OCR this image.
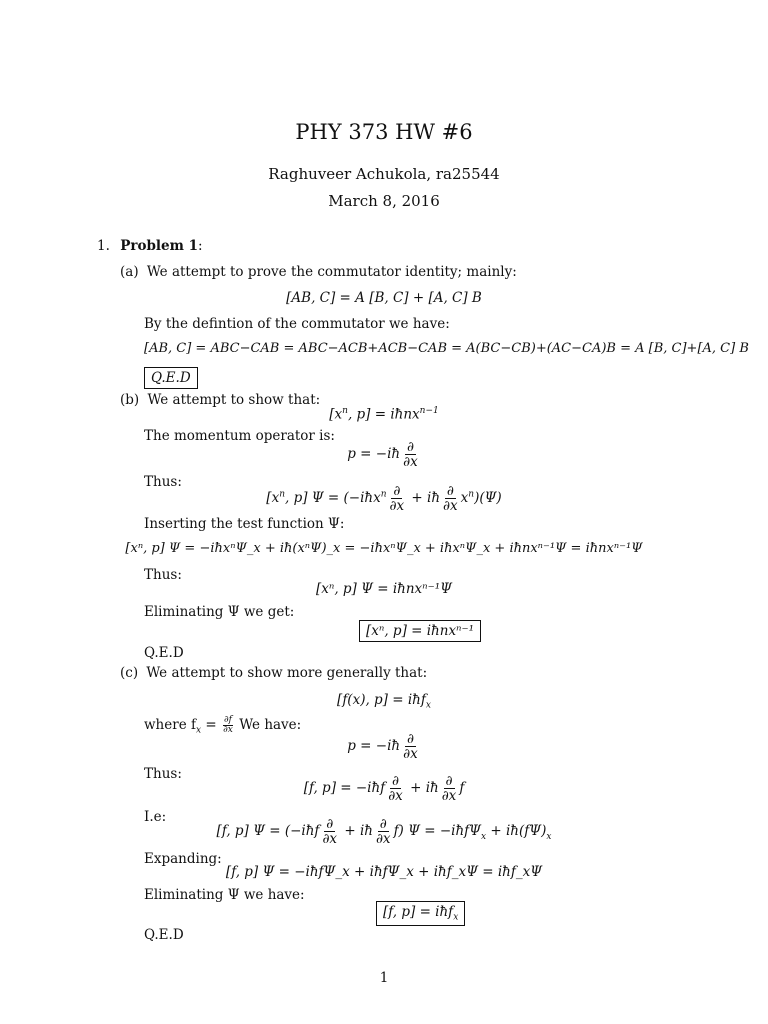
PHY 373 HW #6
Raghuveer Achukola, ra25544
March 8, 2016
1. Problem 1:
(a) We attempt to prove the commutator identity; mainly:
[AB, C] = A [B, C] + [A, C] B
By the defintion of the commutator we have:
[AB, C] = ABC−CAB = ABC−ACB+ACB−CAB = A(BC−CB)+(AC−CA)B = A [B, C]+[A, C] B
Q.E.D
(b) We attempt to show that:
[$x^n$, p] = iħnx$^{n-1}$
The momentum operator is:
p = −iħ $\frac{\partial}{\partial x}$
Thus:
[$x^n$, p] Ψ = (−iħx$^n$ $\frac{\partial}{\partial x}$ + iħ $\frac{\partial}{\partial x} x^n)(\Psi)$
Inserting the test function Ψ:
[xⁿ, p] Ψ = −iħxⁿΨ_x + iħ(xⁿΨ)_x = −iħxⁿΨ_x + iħxⁿΨ_x + iħnxⁿ⁻¹Ψ = iħnxⁿ⁻¹Ψ
Thus:
[xⁿ, p] Ψ = iħnxⁿ⁻¹Ψ
Eliminating Ψ we get:
[xⁿ, p] = iħnxⁿ⁻¹
Q.E.D
(c) We attempt to show more generally that:
[f(x), p] = iħf$_x$
where $f_x = \frac{\partial f}{\partial x}$ We have:
p = −iħ $\frac{\partial}{\partial x}$
Thus:
[f, p] = −iħf $\frac{\partial}{\partial x}$ + iħ $\frac{\partial}{\partial x}$ f
I.e:
[f, p] Ψ = (−iħf $\frac{\partial}{\partial x}$ + iħ $\frac{\partial}{\partial x} f$) Ψ = −iħfΨ$_x$ + $iħ(f\Psi)_x$
Expanding:
[f, p] Ψ = −iħfΨ_x + iħfΨ_x + iħf_xΨ = iħf_xΨ
Eliminating Ψ we have:
[f, p] = iħf$_x$
Q.E.D
1
